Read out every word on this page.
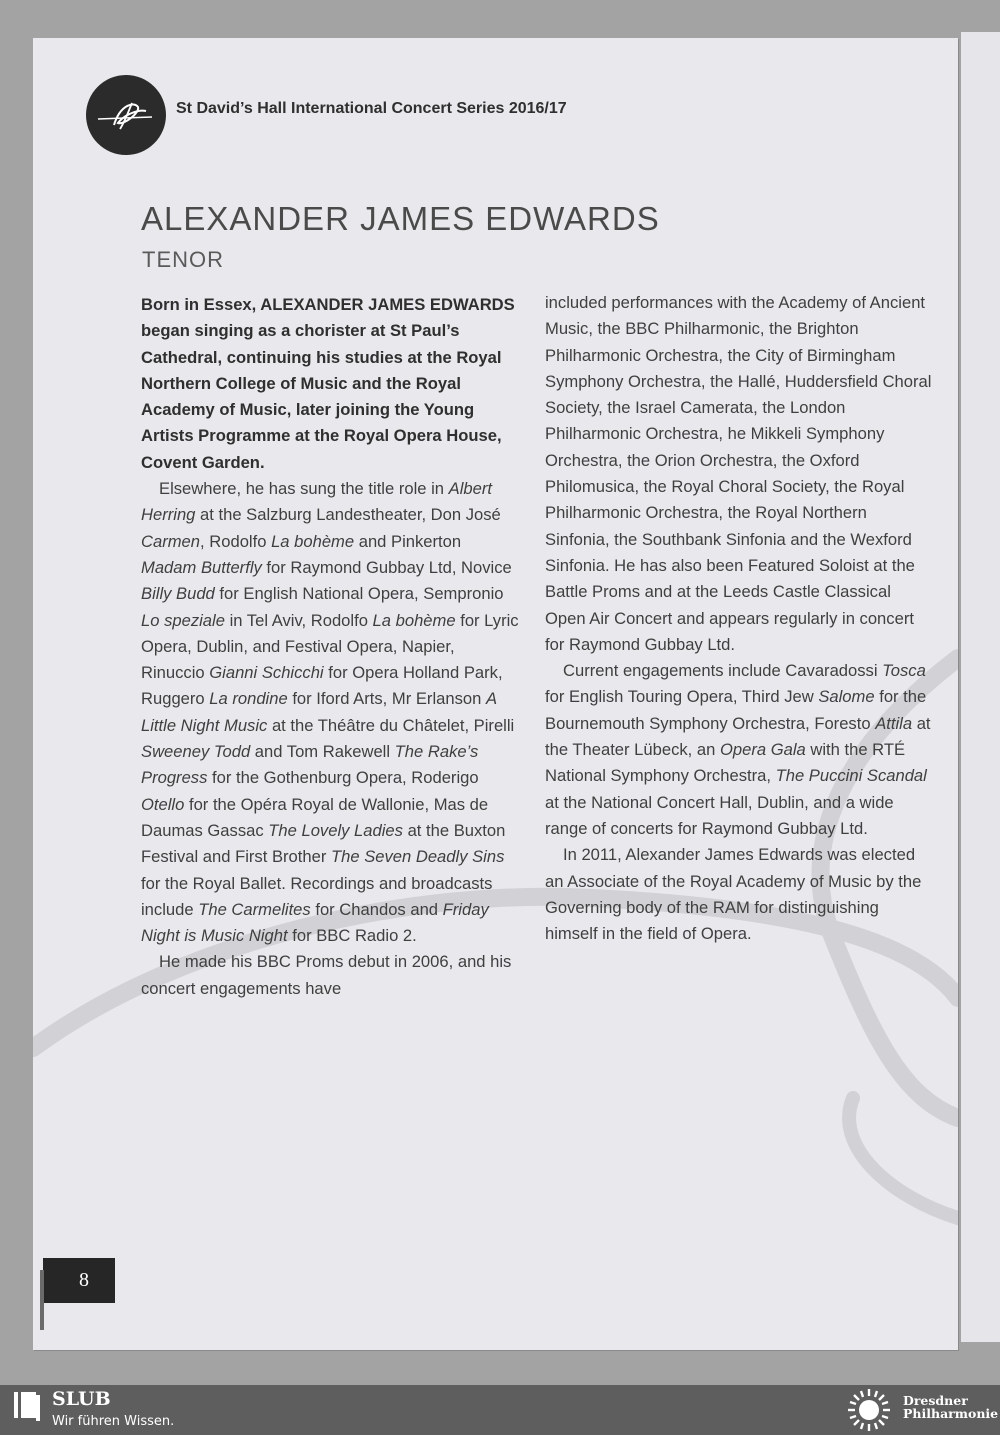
St David’s Hall International Concert Series 2016/17
ALEXANDER JAMES EDWARDS
TENOR

Born in Essex, ALEXANDER JAMES EDWARDS began singing as a chorister at St Paul’s Cathedral, continuing his studies at the Royal Northern College of Music and the Royal Academy of Music, later joining the Young Artists Programme at the Royal Opera House, Covent Garden.

Elsewhere, he has sung the title role in Albert Herring at the Salzburg Landestheater, Don José Carmen, Rodolfo La bohème and Pinkerton Madam Butterfly for Raymond Gubbay Ltd, Novice Billy Budd for English National Opera, Sempronio Lo speziale in Tel Aviv, Rodolfo La bohème for Lyric Opera, Dublin, and Festival Opera, Napier, Rinuccio Gianni Schicchi for Opera Holland Park, Ruggero La rondine for Iford Arts, Mr Erlanson A Little Night Music at the Théâtre du Châtelet, Pirelli Sweeney Todd and Tom Rakewell The Rake’s Progress for the Gothenburg Opera, Roderigo Otello for the Opéra Royal de Wallonie, Mas de Daumas Gassac The Lovely Ladies at the Buxton Festival and First Brother The Seven Deadly Sins for the Royal Ballet. Recordings and broadcasts include The Carmelites for Chandos and Friday Night is Music Night for BBC Radio 2.

He made his BBC Proms debut in 2006, and his concert engagements have

included performances with the Academy of Ancient Music, the BBC Philharmonic, the Brighton Philharmonic Orchestra, the City of Birmingham Symphony Orchestra, the Hallé, Huddersfield Choral Society, the Israel Camerata, the London Philharmonic Orchestra, he Mikkeli Symphony Orchestra, the Orion Orchestra, the Oxford Philomusica, the Royal Choral Society, the Royal Philharmonic Orchestra, the Royal Northern Sinfonia, the Southbank Sinfonia and the Wexford Sinfonia. He has also been Featured Soloist at the Battle Proms and at the Leeds Castle Classical Open Air Concert and appears regularly in concert for Raymond Gubbay Ltd.

Current engagements include Cavaradossi Tosca for English Touring Opera, Third Jew Salome for the Bournemouth Symphony Orchestra, Foresto Attila at the Theater Lübeck, an Opera Gala with the RTÉ National Symphony Orchestra, The Puccini Scandal at the National Concert Hall, Dublin, and a wide range of concerts for Raymond Gubbay Ltd.

In 2011, Alexander James Edwards was elected an Associate of the Royal Academy of Music by the Governing body of the RAM for distinguishing himself in the field of Opera.

8
SLUB
Wir führen Wissen.
Dresdner
Philharmonie
